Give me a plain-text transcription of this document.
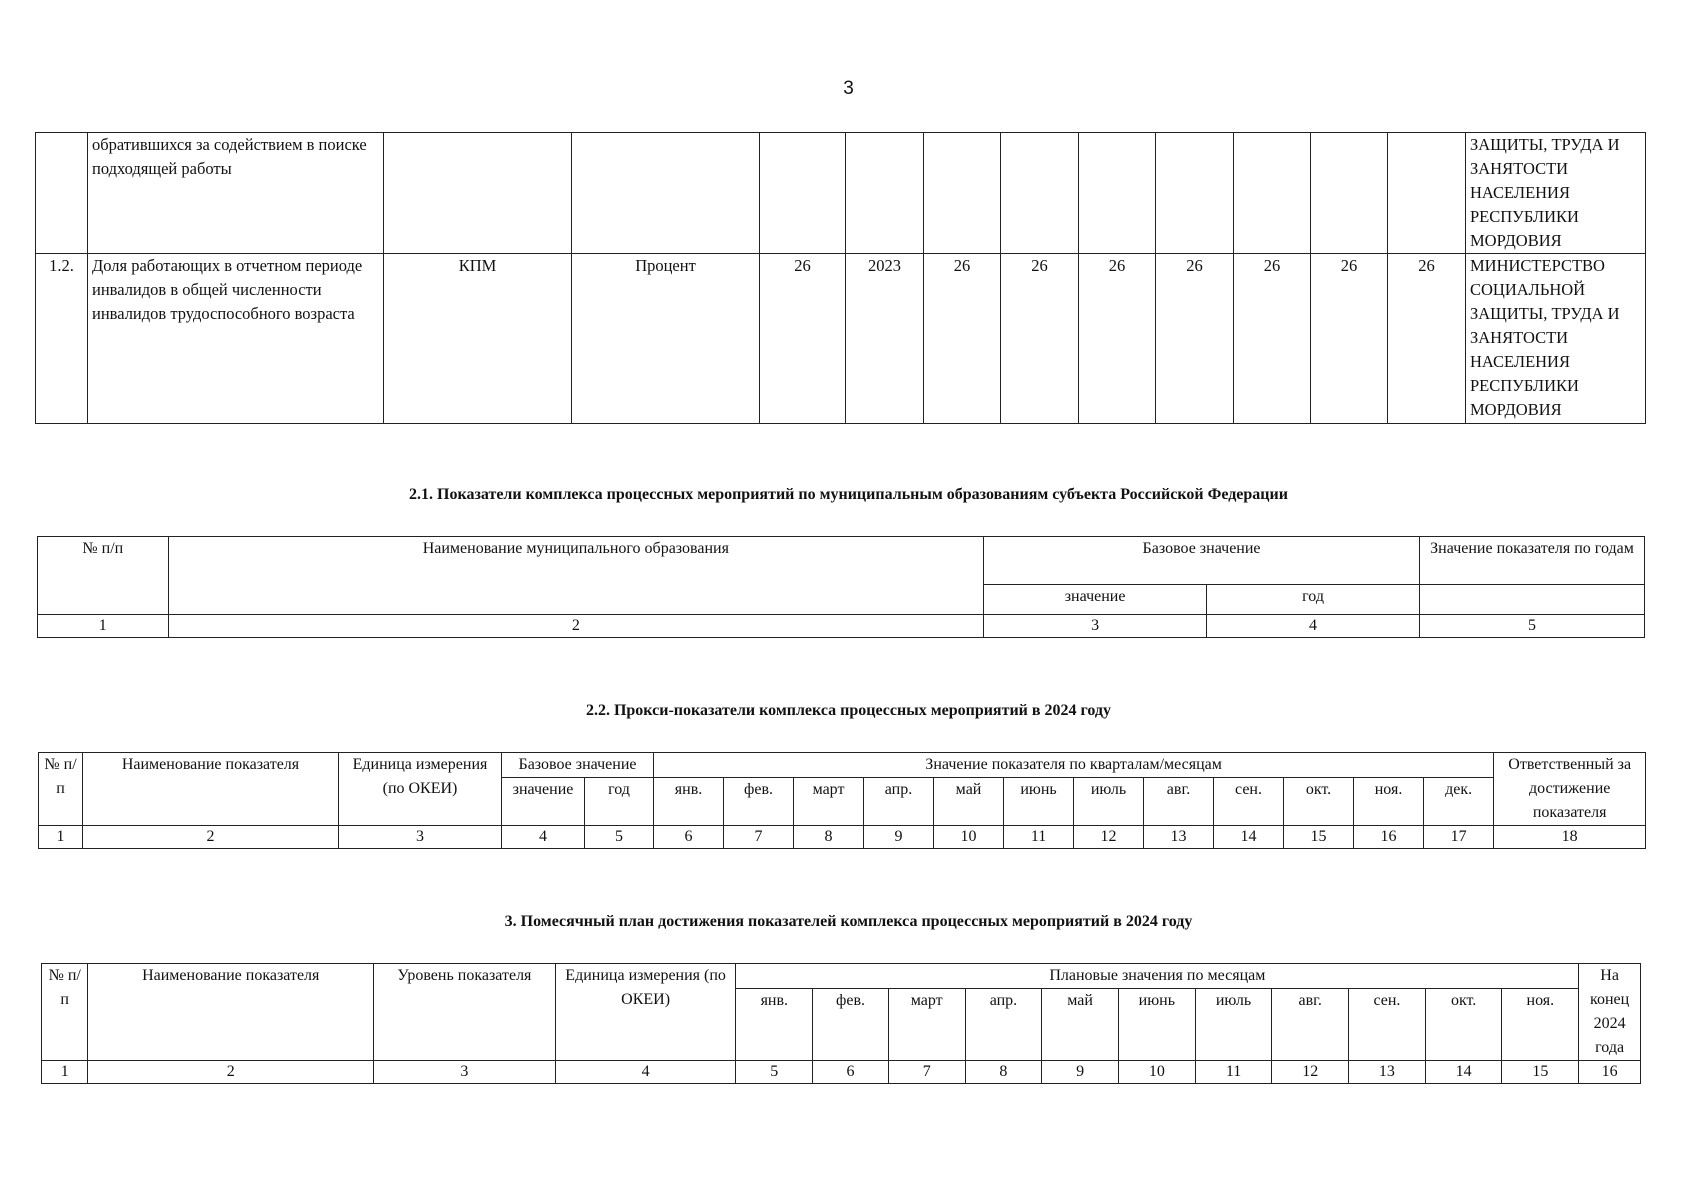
3
	обратившихся за содействием в поиске подходящей работы												ЗАЩИТЫ, ТРУДА И ЗАНЯТОСТИ НАСЕЛЕНИЯ РЕСПУБЛИКИ МОРДОВИЯ
1.2.	Доля работающих в отчетном периоде инвалидов в общей численности инвалидов трудоспособного возраста	КПМ	Процент	26	2023	26	26	26	26	26	26	26	МИНИСТЕРСТВО СОЦИАЛЬНОЙ ЗАЩИТЫ, ТРУДА И ЗАНЯТОСТИ НАСЕЛЕНИЯ РЕСПУБЛИКИ МОРДОВИЯ
2.1. Показатели комплекса процессных мероприятий по муниципальным образованиям субъекта Российской Федерации
№ п/п	Наименование муниципального образования	Базовое значение		Значение показателя по годам
		значение	год	
1	2	3	4	5
2.2. Прокси-показатели комплекса процессных мероприятий в 2024 году
№ п/п	Наименование показателя	Единица измерения (по ОКЕИ)	Базовое значение		Значение показателя по кварталам/месяцам												Ответственный за достижение показателя
			значение	год	янв.	фев.	март	апр.	май	июнь	июль	авг.	сен.	окт.	ноя.	дек.	
1	2	3	4	5	6	7	8	9	10	11	12	13	14	15	16	17	18
3. Помесячный план достижения показателей комплекса процессных мероприятий в 2024 году
№ п/п	Наименование показателя	Уровень показателя	Единица измерения (по ОКЕИ)	Плановые значения по месяцам											На конец 2024 года
				янв.	фев.	март	апр.	май	июнь	июль	авг.	сен.	окт.	ноя.	
1	2	3	4	5	6	7	8	9	10	11	12	13	14	15	16
